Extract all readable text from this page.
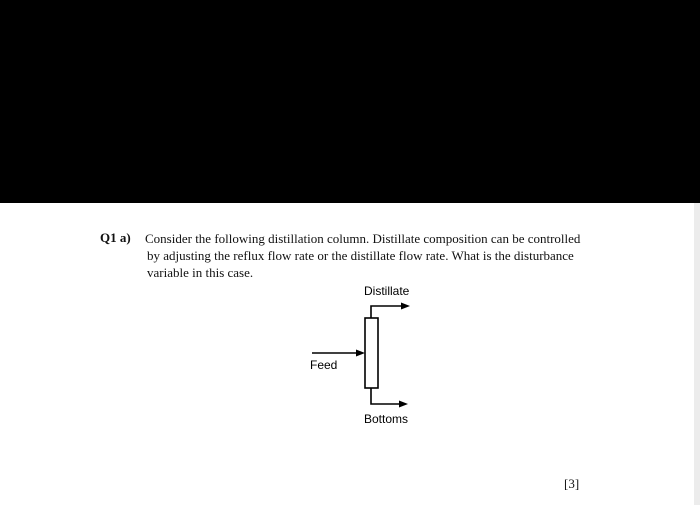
Q1 a) Consider the following distillation column. Distillate composition can be controlled
by adjusting the reflux flow rate or the distillate flow rate. What is the disturbance
variable in this case.
Distillate
Feed
Bottoms
[3]
